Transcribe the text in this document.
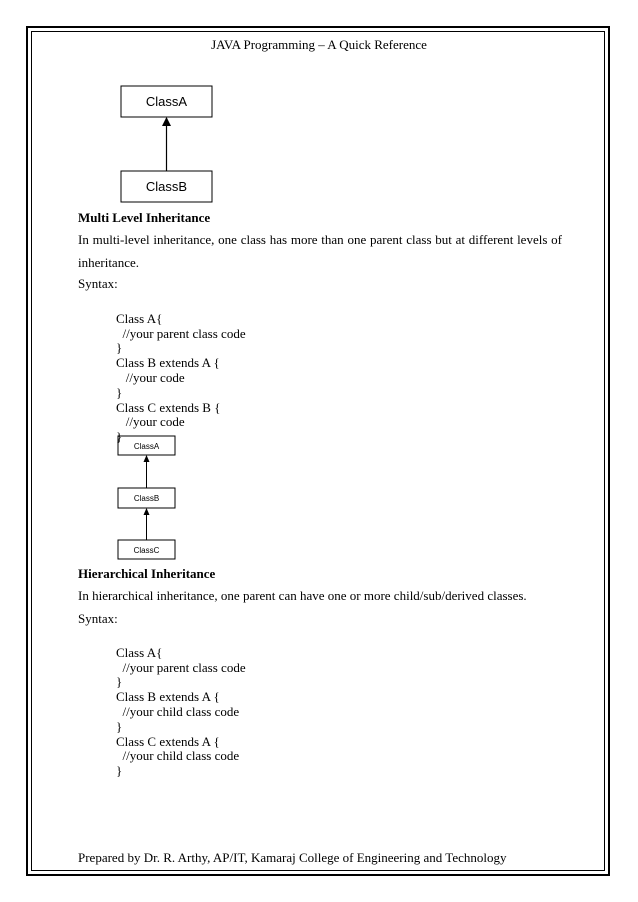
JAVA Programming – A Quick Reference
ClassA
ClassB
ClassA
ClassB
ClassC
Multi Level Inheritance
In multi-level inheritance, one class has more than one parent class but at different levels of inheritance.
Syntax:

Class A{
//your parent class code
}
Class B extends A {
//your code
}
Class C extends B {
//your code
}

Hierarchical Inheritance
In hierarchical inheritance, one parent can have one or more child/sub/derived classes.
Syntax:

Class A{
//your parent class code
}
Class B extends A {
//your child class code
}
Class C extends A {
//your child class code
}

Prepared by Dr. R. Arthy, AP/IT, Kamaraj College of Engineering and Technology
